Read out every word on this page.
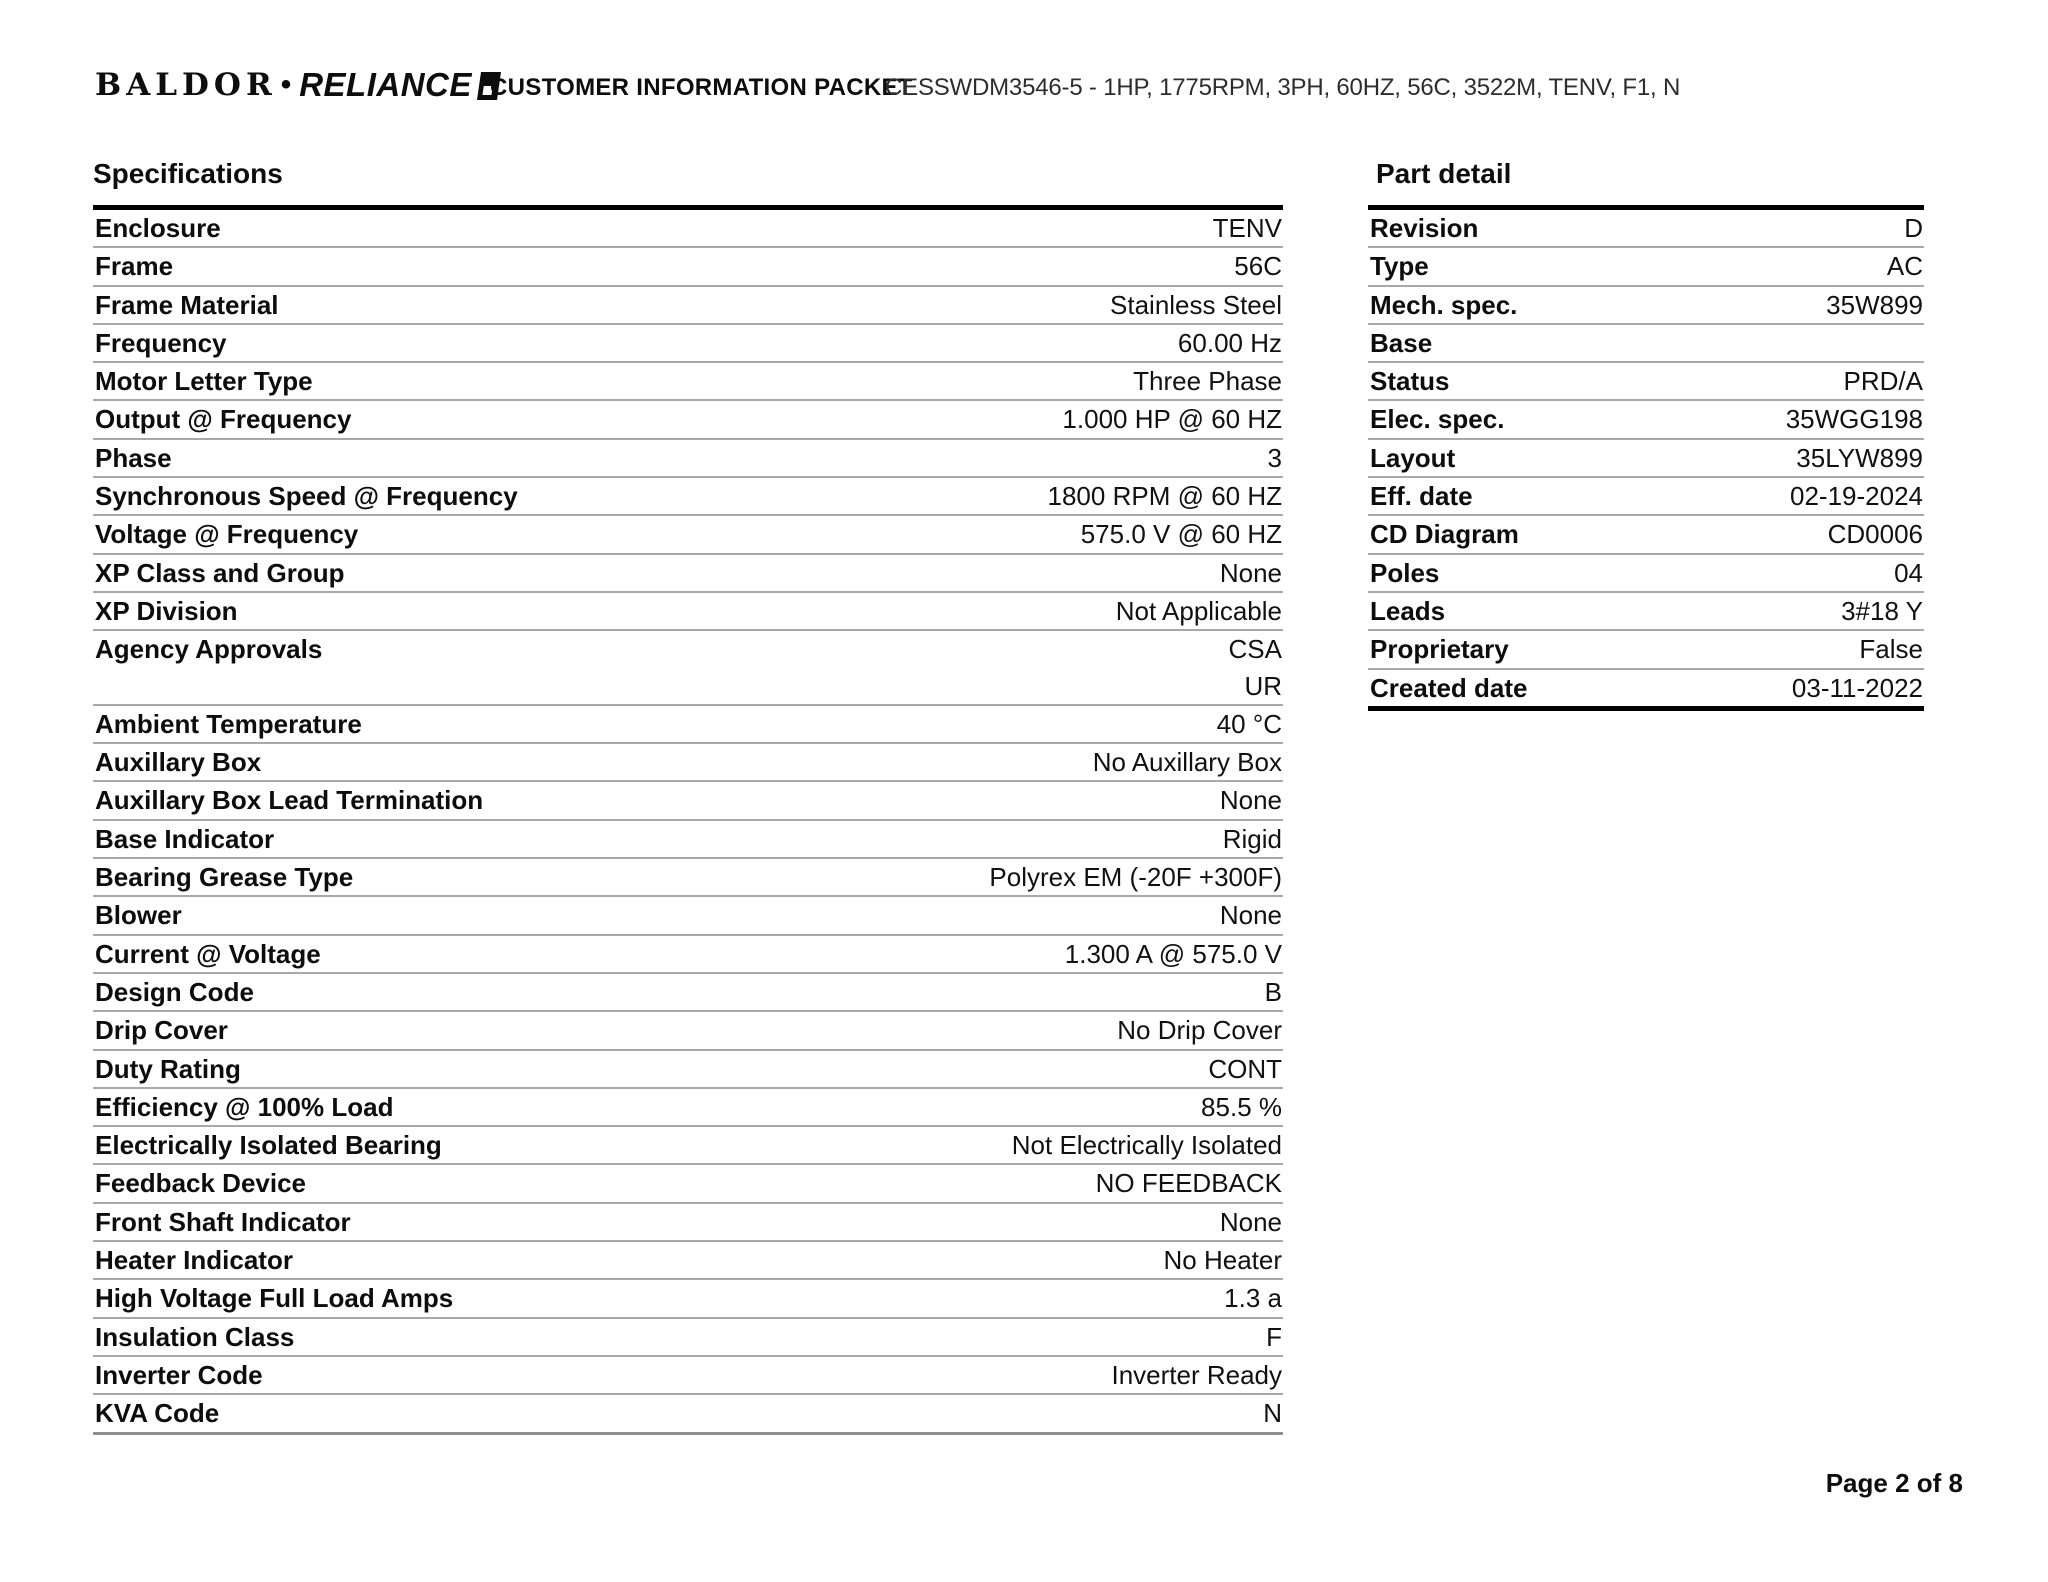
BALDOR • RELIANCE CUSTOMER INFORMATION PACKET
CESSWDM3546-5 - 1HP, 1775RPM, 3PH, 60HZ, 56C, 3522M, TENV, F1, N
Specifications	Part detail
Enclosure	TENV
Frame	56C
Frame Material	Stainless Steel
Frequency	60.00 Hz
Motor Letter Type	Three Phase
Output @ Frequency	1.000 HP @ 60 HZ
Phase	3
Synchronous Speed @ Frequency	1800 RPM @ 60 HZ
Voltage @ Frequency	575.0 V @ 60 HZ
XP Class and Group	None
XP Division	Not Applicable
Agency Approvals	CSA
UR
Ambient Temperature	40 °C
Auxillary Box	No Auxillary Box
Auxillary Box Lead Termination	None
Base Indicator	Rigid
Bearing Grease Type	Polyrex EM (-20F +300F)
Blower	None
Current @ Voltage	1.300 A @ 575.0 V
Design Code	B
Drip Cover	No Drip Cover
Duty Rating	CONT
Efficiency @ 100% Load	85.5 %
Electrically Isolated Bearing	Not Electrically Isolated
Feedback Device	NO FEEDBACK
Front Shaft Indicator	None
Heater Indicator	No Heater
High Voltage Full Load Amps	1.3 a
Insulation Class	F
Inverter Code	Inverter Ready
KVA Code	N
Revision	D
Type	AC
Mech. spec.	35W899
Base
Status	PRD/A
Elec. spec.	35WGG198
Layout	35LYW899
Eff. date	02-19-2024
CD Diagram	CD0006
Poles	04
Leads	3#18 Y
Proprietary	False
Created date	03-11-2022
Page 2 of 8
